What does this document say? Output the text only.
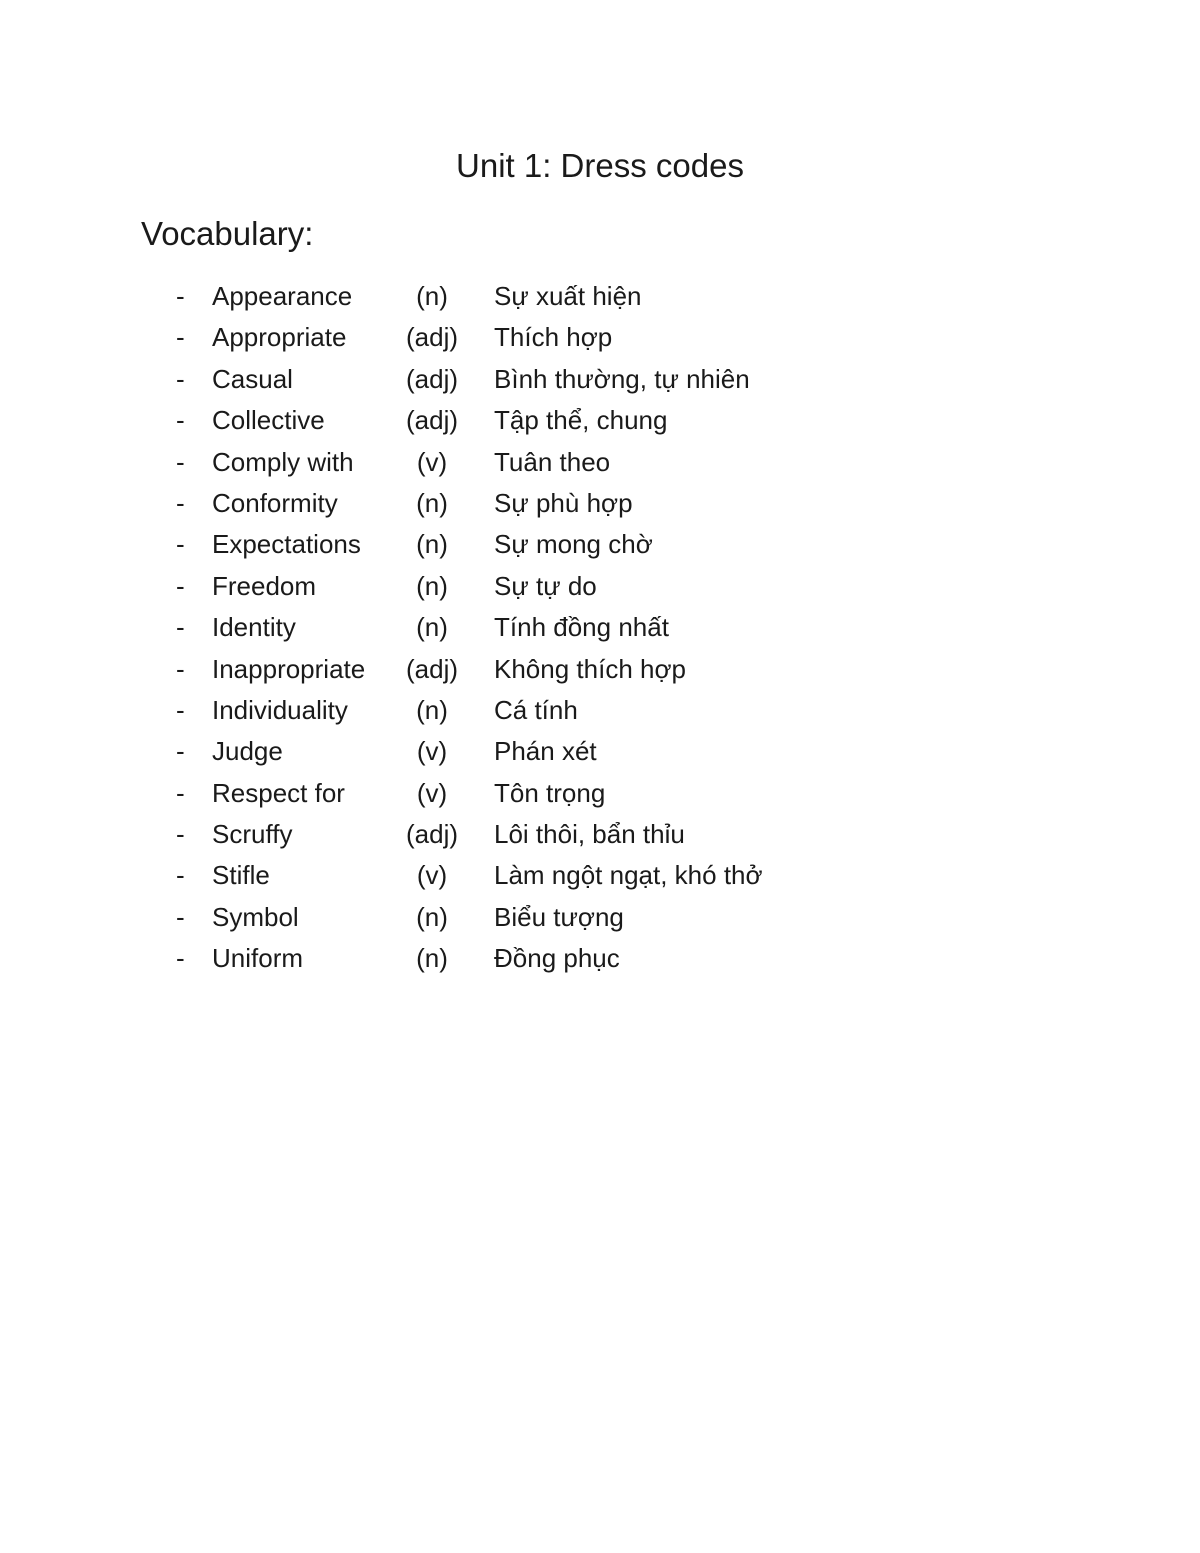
Unit 1: Dress codes
Vocabulary:
- Appearance	(n)	Sự xuất hiện
- Appropriate (adj) Thích hợp
- Casual	(adj) Bình thường, tự nhiên
- Collective	(adj) Tập thể, chung
- Comply with	(v)	Tuân theo
- Conformity	(n)	Sự phù hợp
- Expectations	(n)	Sự mong chờ
- Freedom	(n)	Sự tự do
- Identity	(n)	Tính đồng nhất
- Inappropriate (adj) Không thích hợp
- Individuality	(n)	Cá tính
- Judge	(v)	Phán xét
- Respect for	(v)	Tôn trọng
- Scruffy	(adj) Lôi thôi, bẩn thỉu
- Stifle	(v)	Làm ngột ngạt, khó thở
- Symbol	(n)	Biểu tượng
- Uniform	(n)	Đồng phục
